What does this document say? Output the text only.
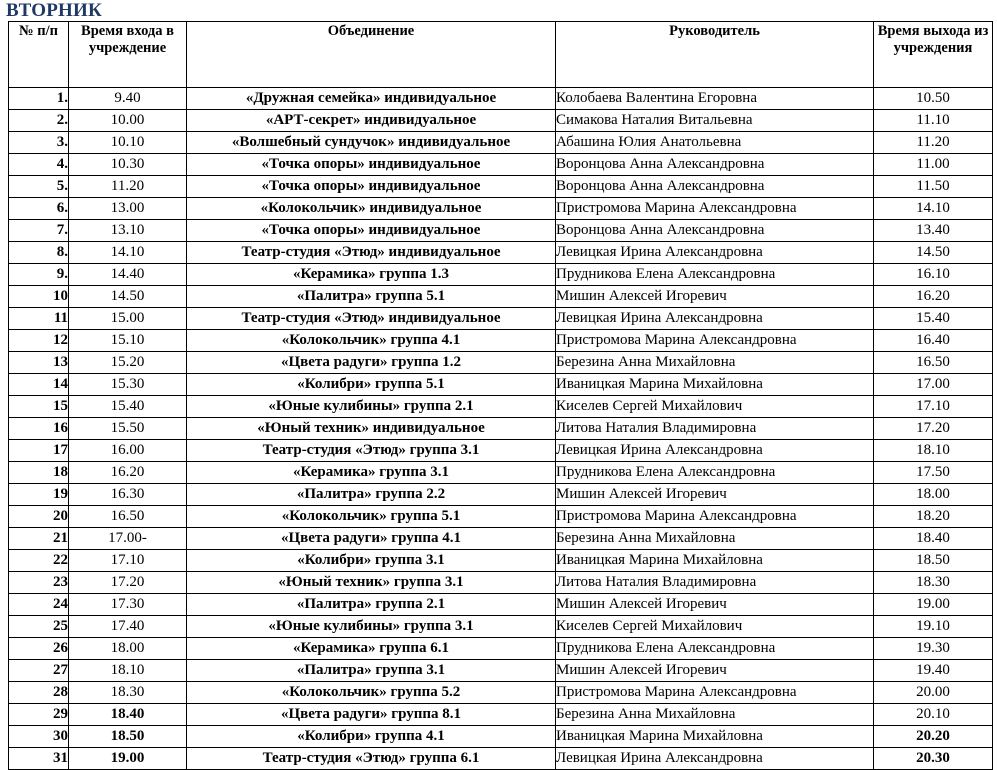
ВТОРНИК
№ п/п	Время входа в учреждение	Объединение	Руководитель	Время выхода из учреждения
1.	9.40	«Дружная семейка» индивидуальное	Колобаева Валентина Егоровна	10.50
2.	10.00	«АРТ-секрет» индивидуальное	Симакова Наталия Витальевна	11.10
3.	10.10	«Волшебный сундучок» индивидуальное	Абашина Юлия Анатольевна	11.20
4.	10.30	«Точка опоры» индивидуальное	Воронцова Анна Александровна	11.00
5.	11.20	«Точка опоры» индивидуальное	Воронцова Анна Александровна	11.50
6.	13.00	«Колокольчик» индивидуальное	Пристромова Марина Александровна	14.10
7.	13.10	«Точка опоры» индивидуальное	Воронцова Анна Александровна	13.40
8.	14.10	Театр-студия «Этюд» индивидуальное	Левицкая Ирина Александровна	14.50
9.	14.40	«Керамика» группа 1.3	Прудникова Елена Александровна	16.10
10	14.50	«Палитра» группа 5.1	Мишин Алексей Игоревич	16.20
11	15.00	Театр-студия «Этюд» индивидуальное	Левицкая Ирина Александровна	15.40
12	15.10	«Колокольчик» группа 4.1	Пристромова Марина Александровна	16.40
13	15.20	«Цвета радуги» группа 1.2	Березина Анна Михайловна	16.50
14	15.30	«Колибри» группа 5.1	Иваницкая Марина Михайловна	17.00
15	15.40	«Юные кулибины» группа 2.1	Киселев Сергей Михайлович	17.10
16	15.50	«Юный техник» индивидуальное	Литова Наталия Владимировна	17.20
17	16.00	Театр-студия «Этюд» группа 3.1	Левицкая Ирина Александровна	18.10
18	16.20	«Керамика» группа 3.1	Прудникова Елена Александровна	17.50
19	16.30	«Палитра» группа 2.2	Мишин Алексей Игоревич	18.00
20	16.50	«Колокольчик» группа 5.1	Пристромова Марина Александровна	18.20
21	17.00-	«Цвета радуги» группа 4.1	Березина Анна Михайловна	18.40
22	17.10	«Колибри» группа 3.1	Иваницкая Марина Михайловна	18.50
23	17.20	«Юный техник» группа 3.1	Литова Наталия Владимировна	18.30
24	17.30	«Палитра» группа 2.1	Мишин Алексей Игоревич	19.00
25	17.40	«Юные кулибины» группа 3.1	Киселев Сергей Михайлович	19.10
26	18.00	«Керамика» группа 6.1	Прудникова Елена Александровна	19.30
27	18.10	«Палитра» группа 3.1	Мишин Алексей Игоревич	19.40
28	18.30	«Колокольчик» группа 5.2	Пристромова Марина Александровна	20.00
29	18.40	«Цвета радуги» группа 8.1	Березина Анна Михайловна	20.10
30	18.50	«Колибри» группа 4.1	Иваницкая Марина Михайловна	20.20
31	19.00	Театр-студия «Этюд» группа 6.1	Левицкая Ирина Александровна	20.30
